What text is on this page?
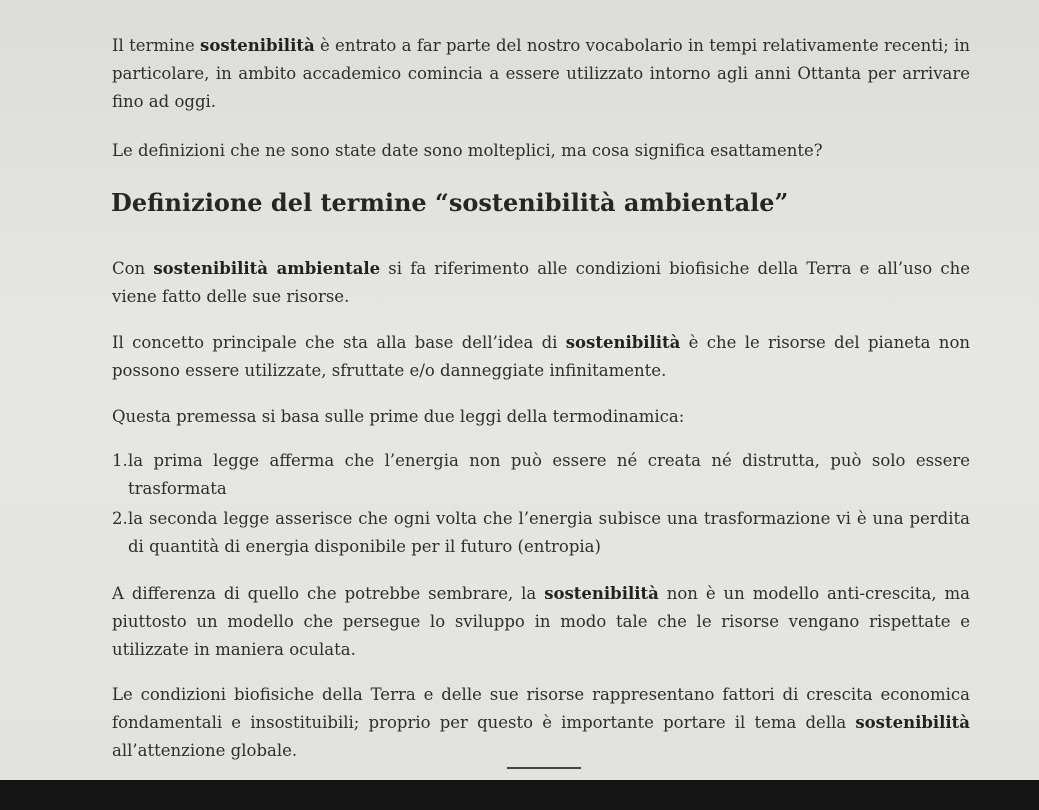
Il termine sostenibilità è entrato a far parte del nostro vocabolario in tempi relativamente recenti; in particolare, in ambito accademico comincia a essere utilizzato intorno agli anni Ottanta per arrivare fino ad oggi.

Le definizioni che ne sono state date sono molteplici, ma cosa significa esattamente?

Definizione del termine “sostenibilità ambientale”

Con sostenibilità ambientale si fa riferimento alle condizioni biofisiche della Terra e all’uso che viene fatto delle sue risorse.

Il concetto principale che sta alla base dell’idea di sostenibilità è che le risorse del pianeta non possono essere utilizzate, sfruttate e/o danneggiate infinitamente.

Questa premessa si basa sulle prime due leggi della termodinamica:

1. la prima legge afferma che l’energia non può essere né creata né distrutta, può solo essere trasformata
2. la seconda legge asserisce che ogni volta che l’energia subisce una trasformazione vi è una perdita di quantità di energia disponibile per il futuro (entropia)

A differenza di quello che potrebbe sembrare, la sostenibilità non è un modello anti-crescita, ma piuttosto un modello che persegue lo sviluppo in modo tale che le risorse vengano rispettate e utilizzate in maniera oculata.

Le condizioni biofisiche della Terra e delle sue risorse rappresentano fattori di crescita economica fondamentali e insostituibili; proprio per questo è importante portare il tema della sostenibilità all’attenzione globale.
